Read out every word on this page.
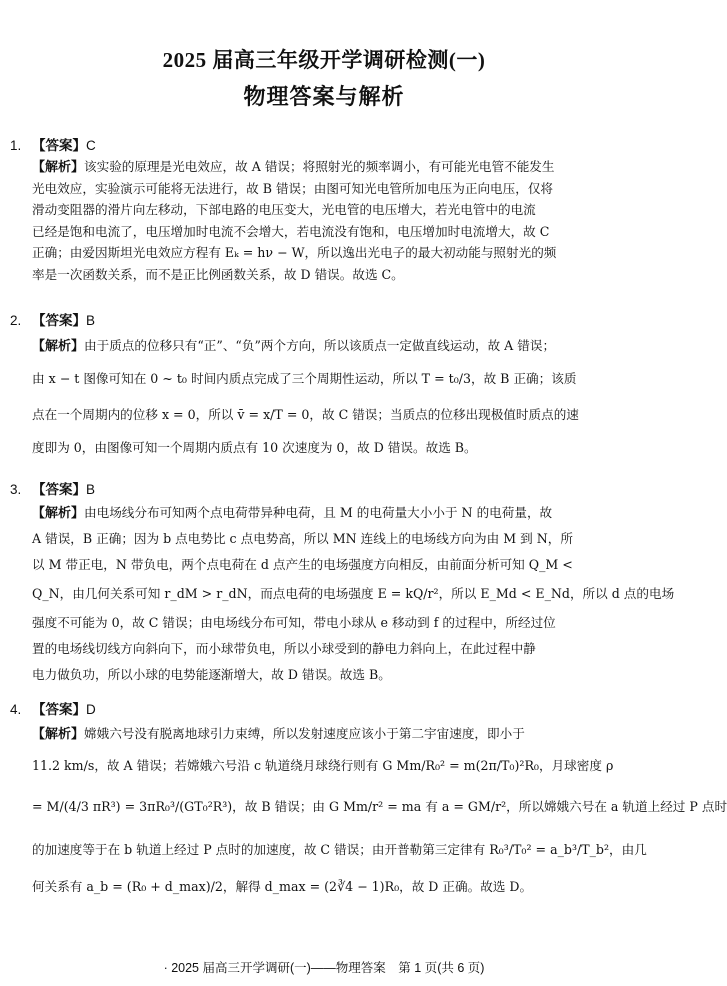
2025 届高三年级开学调研检测(一)
物理答案与解析
1. 【答案】C
【解析】该实验的原理是光电效应，故 A 错误；将照射光的频率调小，有可能光电管不能发生
光电效应，实验演示可能将无法进行，故 B 错误；由图可知光电管所加电压为正向电压，仅将
滑动变阻器的滑片向左移动，下部电路的电压变大，光电管的电压增大，若光电管中的电流
已经是饱和电流了，电压增加时电流不会增大，若电流没有饱和，电压增加时电流增大，故 C
正确；由爱因斯坦光电效应方程有 Eₖ = hν − W，所以逸出光电子的最大初动能与照射光的频
率是一次函数关系，而不是正比例函数关系，故 D 错误。故选 C。
2. 【答案】B
【解析】由于质点的位移只有“正”、“负”两个方向，所以该质点一定做直线运动，故 A 错误；
由 x − t 图像可知在 0 ~ t₀ 时间内质点完成了三个周期性运动，所以 T = t₀/3，故 B 正确；该质
点在一个周期内的位移 x = 0，所以 v̄ = x/T = 0，故 C 错误；当质点的位移出现极值时质点的速
度即为 0，由图像可知一个周期内质点有 10 次速度为 0，故 D 错误。故选 B。
3. 【答案】B
【解析】由电场线分布可知两个点电荷带异种电荷，且 M 的电荷量大小小于 N 的电荷量，故
A 错误，B 正确；因为 b 点电势比 c 点电势高，所以 MN 连线上的电场线方向为由 M 到 N，所
以 M 带正电，N 带负电，两个点电荷在 d 点产生的电场强度方向相反，由前面分析可知 Q_M <
Q_N，由几何关系可知 r_dM > r_dN，而点电荷的电场强度 E = kQ/r²，所以 E_Md < E_Nd，所以 d 点的电场
强度不可能为 0，故 C 错误；由电场线分布可知，带电小球从 e 移动到 f 的过程中，所经过位
置的电场线切线方向斜向下，而小球带负电，所以小球受到的静电力斜向上，在此过程中静
电力做负功，所以小球的电势能逐渐增大，故 D 错误。故选 B。
4. 【答案】D
【解析】嫦娥六号没有脱离地球引力束缚，所以发射速度应该小于第二宇宙速度，即小于
11.2 km/s，故 A 错误；若嫦娥六号沿 c 轨道绕月球绕行则有 G Mm/R₀² = m(2π/T₀)²R₀，月球密度 ρ
= M/(4/3 πR³) = 3πR₀³/(GT₀²R³)，故 B 错误；由 G Mm/r² = ma 有 a = GM/r²，所以嫦娥六号在 a 轨道上经过 P 点时
的加速度等于在 b 轨道上经过 P 点时的加速度，故 C 错误；由开普勒第三定律有 R₀³/T₀² = a_b³/T_b²，由几
何关系有 a_b = (R₀ + d_max)/2，解得 d_max = (2∛4 − 1)R₀，故 D 正确。故选 D。
· 2025 届高三开学调研(一)——物理答案　第 1 页(共 6 页)
